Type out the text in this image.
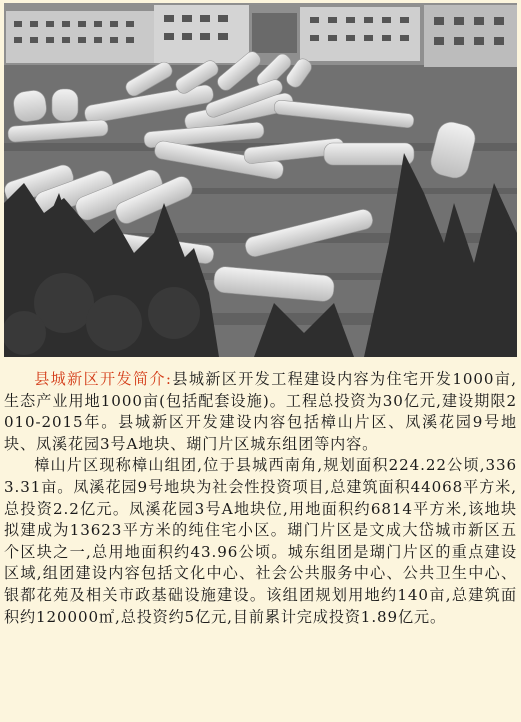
县城新区开发简介:县城新区开发工程建设内容为住宅开发1000亩,生态产业用地1000亩(包括配套设施)。工程总投资为30亿元,建设期限2010-2015年。县城新区开发建设内容包括樟山片区、凤溪花园9号地块、凤溪花园3号A地块、瑚门片区城东组团等内容。

樟山片区现称樟山组团,位于县城西南角,规划面积224.22公顷,3363.31亩。凤溪花园9号地块为社会性投资项目,总建筑面积44068平方米,总投资2.2亿元。凤溪花园3号A地块位,用地面积约6814平方米,该地块拟建成为13623平方米的纯住宅小区。瑚门片区是文成大岱城市新区五个区块之一,总用地面积约43.96公顷。城东组团是瑚门片区的重点建设区域,组团建设内容包括文化中心、社会公共服务中心、公共卫生中心、银都花苑及相关市政基础设施建设。该组团规划用地约140亩,总建筑面积约120000㎡,总投资约5亿元,目前累计完成投资1.89亿元。
